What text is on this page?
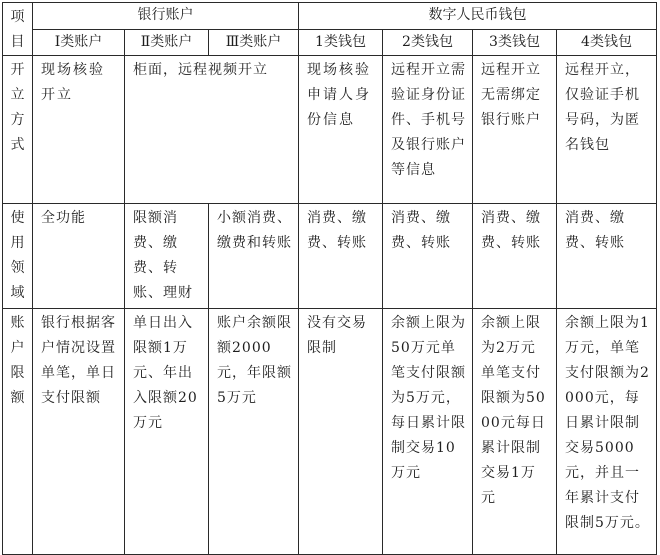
项
目	银行账户			数字人民币钱包			
	Ⅰ类账户	Ⅱ类账户	Ⅲ类账户	1类钱包	2类钱包	3类钱包	4类钱包

开
立
方
式	现场核验开立	柜面，远程视频开立		现场核验申请人身份信息	远程开立需验证身份证件、手机号及银行账户等信息	远程开立无需绑定银行账户	远程开立，仅验证手机号码，为匿名钱包

使
用
领
域	全功能	限额消费、缴费、转账、理财	小额消费、缴费和转账	消费、缴费、转账	消费、缴费、转账	消费、缴费、转账	消费、缴费、转账

账
户
限
额	银行根据客户情况设置单笔，单日支付限额	单日出入限额1万元、年出入限额20万元	账户余额限额2000元，年限额5万元	没有交易限制	余额上限为50万元单笔支付限额为5万元，每日累计限制交易10万元	余额上限为2万元单笔支付限额为5000元每日累计限制交易1万元	余额上限为1万元，单笔支付限额为2000元，每日累计限制交易5000元，并且一年累计支付限制5万元。
